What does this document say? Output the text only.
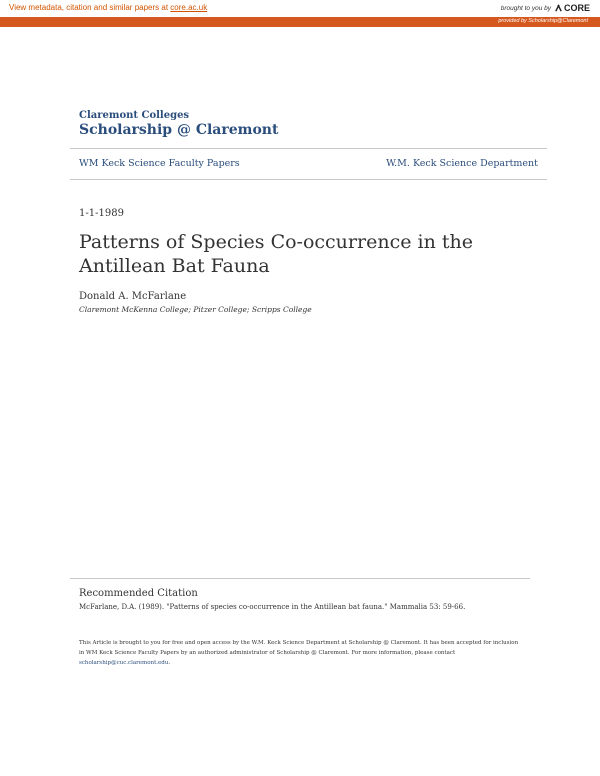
View metadata, citation and similar papers at core.ac.uk	brought to you by CORE
provided by Scholarship@Claremont
Claremont Colleges
Scholarship @ Claremont
WM Keck Science Faculty Papers	W.M. Keck Science Department
1-1-1989
Patterns of Species Co-occurrence in the Antillean Bat Fauna
Donald A. McFarlane
Claremont McKenna College; Pitzer College; Scripps College
Recommended Citation
McFarlane, D.A. (1989). "Patterns of species co-occurrence in the Antillean bat fauna." Mammalia 53: 59-66.
This Article is brought to you for free and open access by the W.M. Keck Science Department at Scholarship @ Claremont. It has been accepted for inclusion in WM Keck Science Faculty Papers by an authorized administrator of Scholarship @ Claremont. For more information, please contact scholarship@cuc.claremont.edu.
